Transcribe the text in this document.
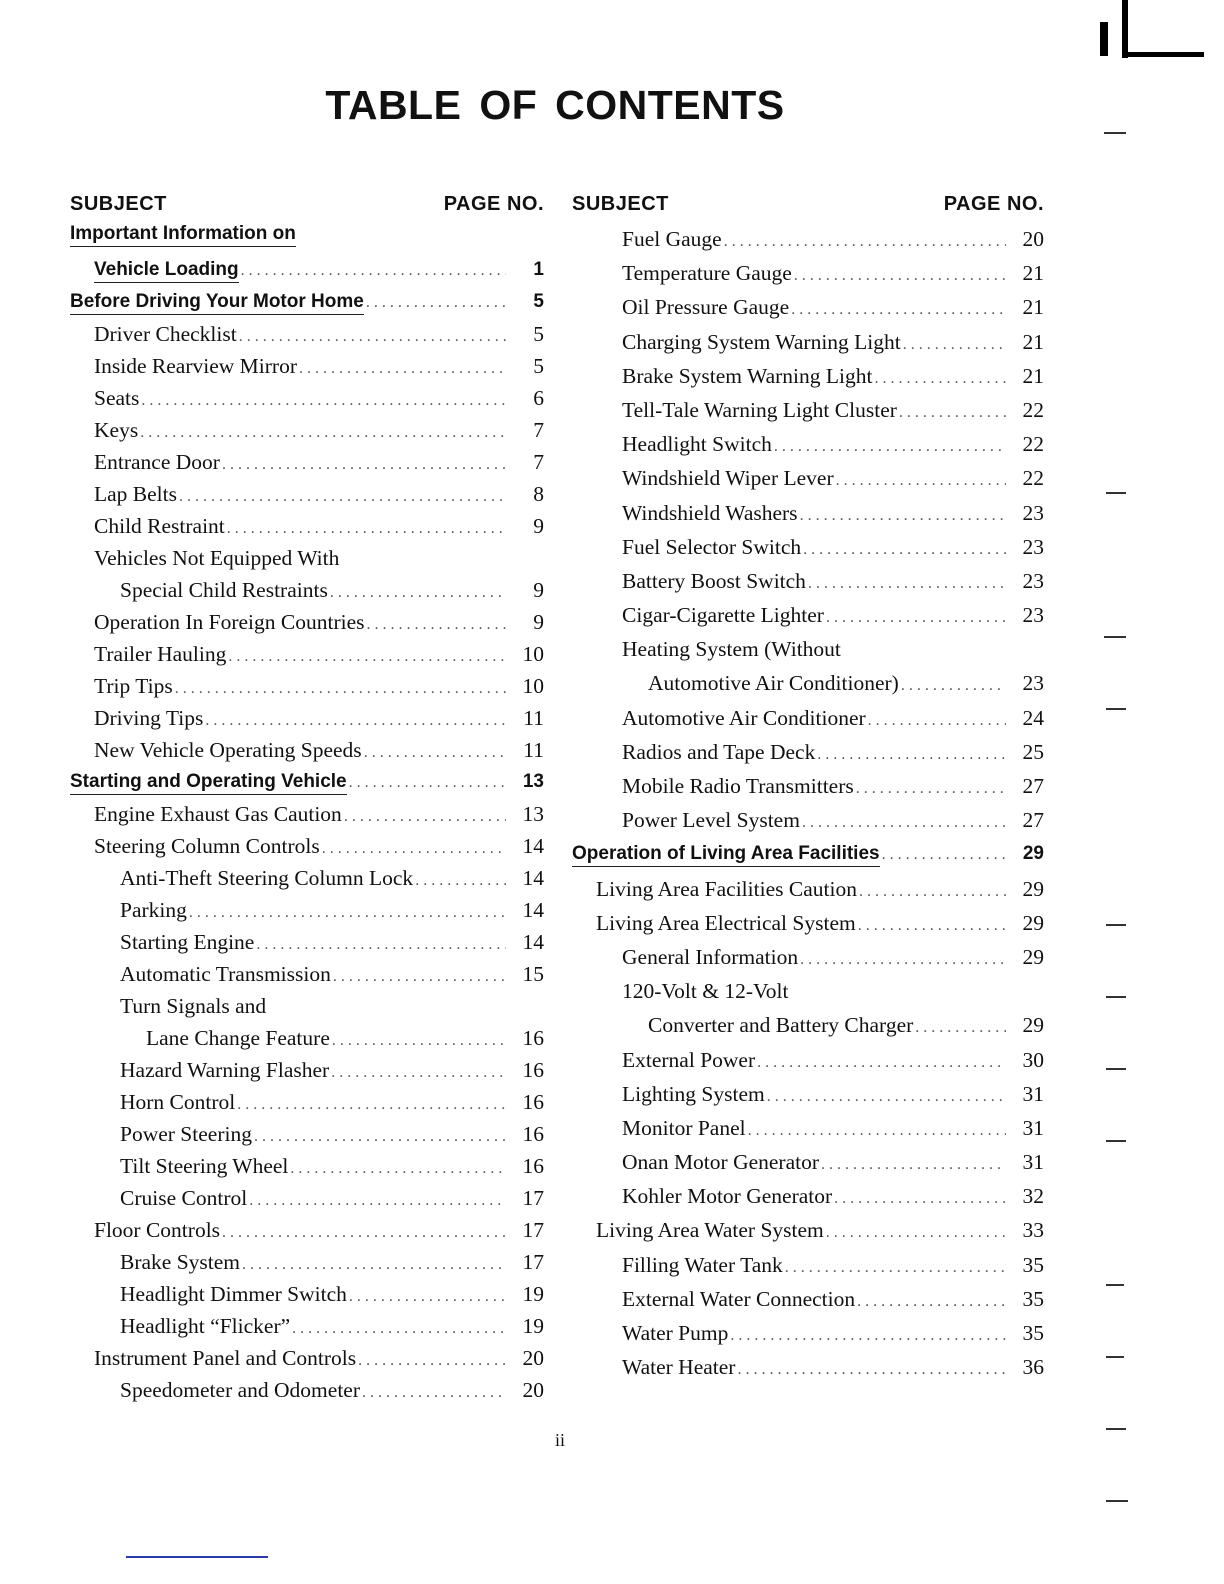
TABLE OF CONTENTS
SUBJECT	PAGE NO.
Important Information on
Vehicle Loading . . .	1
Before Driving Your Motor Home . . .	5
Driver Checklist . . .	5
Inside Rearview Mirror . . .	5
Seats . . .	6
Keys . . .	7
Entrance Door . . .	7
Lap Belts . . .	8
Child Restraint . . .	9
Vehicles Not Equipped With
Special Child Restraints . . .	9
Operation In Foreign Countries . . .	9
Trailer Hauling . . .	10
Trip Tips . . .	10
Driving Tips . . .	11
New Vehicle Operating Speeds . . .	11
Starting and Operating Vehicle . . .	13
Engine Exhaust Gas Caution . . .	13
Steering Column Controls . . .	14
Anti-Theft Steering Column Lock . . .	14
Parking . . .	14
Starting Engine . . .	14
Automatic Transmission . . .	15
Turn Signals and
Lane Change Feature . . .	16
Hazard Warning Flasher . . .	16
Horn Control . . .	16
Power Steering . . .	16
Tilt Steering Wheel . . .	16
Cruise Control . . .	17
Floor Controls . . .	17
Brake System . . .	17
Headlight Dimmer Switch . . .	19
Headlight “Flicker” . . .	19
Instrument Panel and Controls . . .	20
Speedometer and Odometer . . .	20
SUBJECT	PAGE NO.
Fuel Gauge . . .	20
Temperature Gauge . . .	21
Oil Pressure Gauge . . .	21
Charging System Warning Light . . .	21
Brake System Warning Light . . .	21
Tell-Tale Warning Light Cluster . . .	22
Headlight Switch . . .	22
Windshield Wiper Lever . . .	22
Windshield Washers . . .	23
Fuel Selector Switch . . .	23
Battery Boost Switch . . .	23
Cigar-Cigarette Lighter . . .	23
Heating System (Without
Automotive Air Conditioner) . . .	23
Automotive Air Conditioner . . .	24
Radios and Tape Deck . . .	25
Mobile Radio Transmitters . . .	27
Power Level System . . .	27
Operation of Living Area Facilities . . .	29
Living Area Facilities Caution . . .	29
Living Area Electrical System . . .	29
General Information . . .	29
120-Volt & 12-Volt
Converter and Battery Charger . . .	29
External Power . . .	30
Lighting System . . .	31
Monitor Panel . . .	31
Onan Motor Generator . . .	31
Kohler Motor Generator . . .	32
Living Area Water System . . .	33
Filling Water Tank . . .	35
External Water Connection . . .	35
Water Pump . . .	35
Water Heater . . .	36
ii
